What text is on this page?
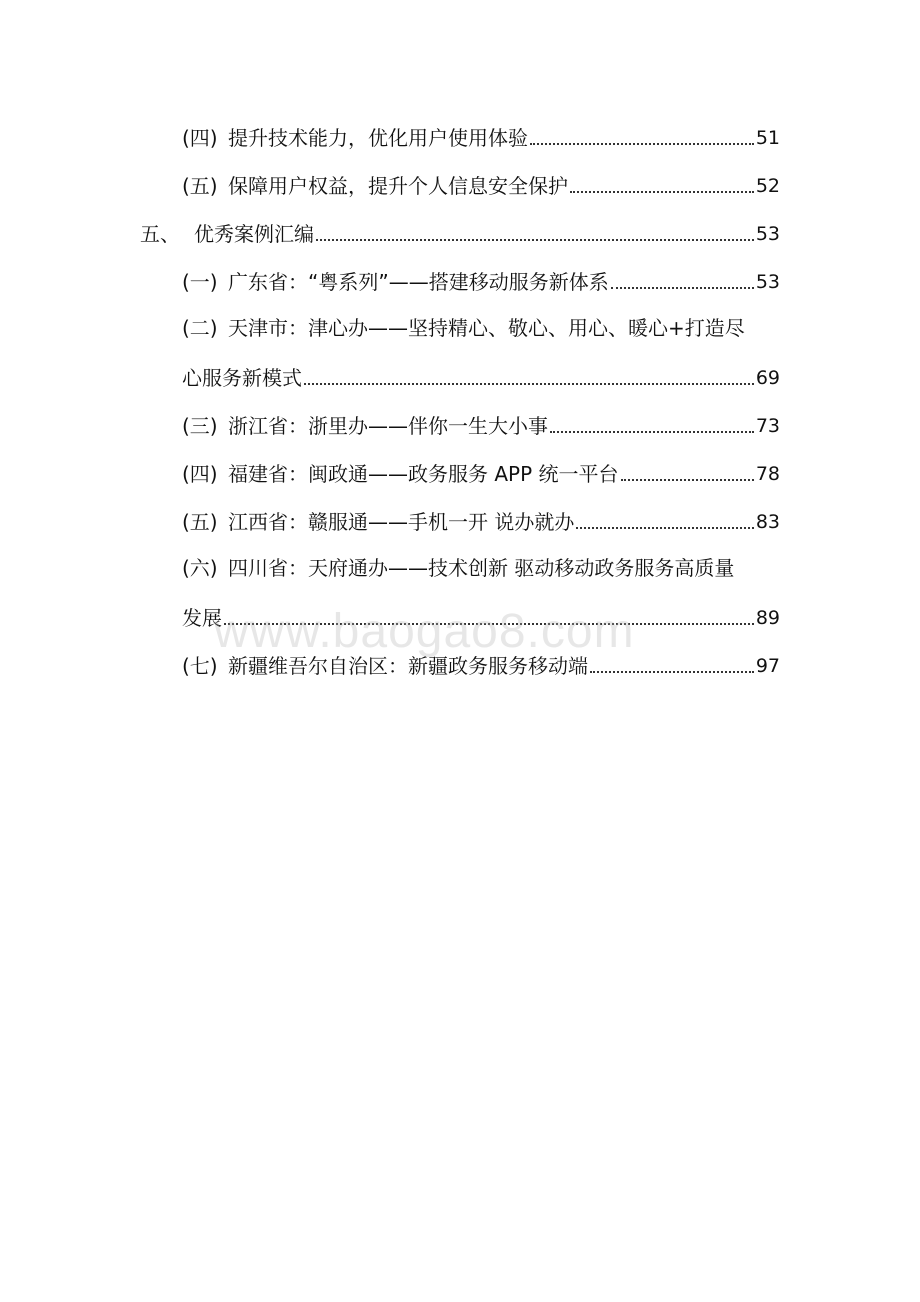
(四) 提升技术能力，优化用户使用体验	51
(五) 保障用户权益，提升个人信息安全保护	52
五、 优秀案例汇编	53
(一) 广东省：“粤系列”——搭建移动服务新体系	53
(二) 天津市：津心办——坚持精心、敬心、用心、暖心+打造尽
心服务新模式	69
(三) 浙江省：浙里办——伴你一生大小事	73
(四) 福建省：闽政通——政务服务 APP 统一平台	78
(五) 江西省：赣服通——手机一开 说办就办	83
(六) 四川省：天府通办——技术创新 驱动移动政务服务高质量
发展	89
(七) 新疆维吾尔自治区：新疆政务服务移动端	97
www.baogao8.com
